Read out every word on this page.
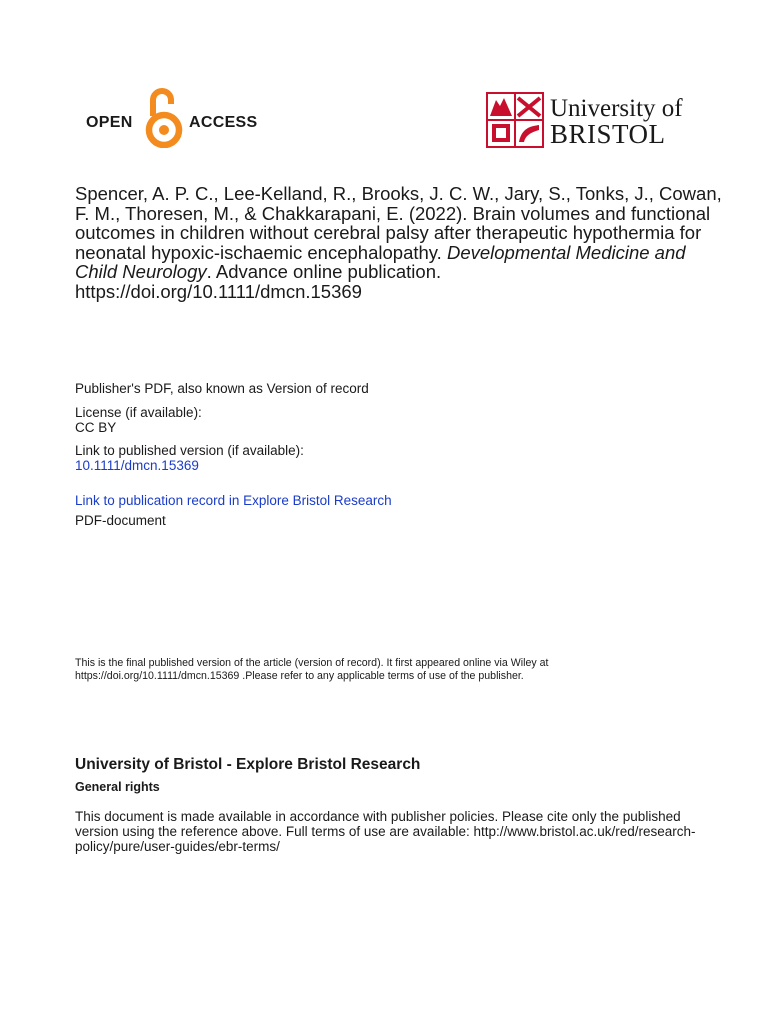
OPEN	ACCESS
University of
BRISTOL
Spencer, A. P. C., Lee-Kelland, R., Brooks, J. C. W., Jary, S., Tonks, J., Cowan, F. M., Thoresen, M., & Chakkarapani, E. (2022). Brain volumes and functional outcomes in children without cerebral palsy after therapeutic hypothermia for neonatal hypoxic-ischaemic encephalopathy. Developmental Medicine and Child Neurology. Advance online publication. https://doi.org/10.1111/dmcn.15369
Publisher's PDF, also known as Version of record
License (if available):
CC BY
Link to published version (if available):
10.1111/dmcn.15369
Link to publication record in Explore Bristol Research
PDF-document
This is the final published version of the article (version of record). It first appeared online via Wiley at https://doi.org/10.1111/dmcn.15369 .Please refer to any applicable terms of use of the publisher.
University of Bristol - Explore Bristol Research
General rights
This document is made available in accordance with publisher policies. Please cite only the published version using the reference above. Full terms of use are available: http://www.bristol.ac.uk/red/research-policy/pure/user-guides/ebr-terms/
